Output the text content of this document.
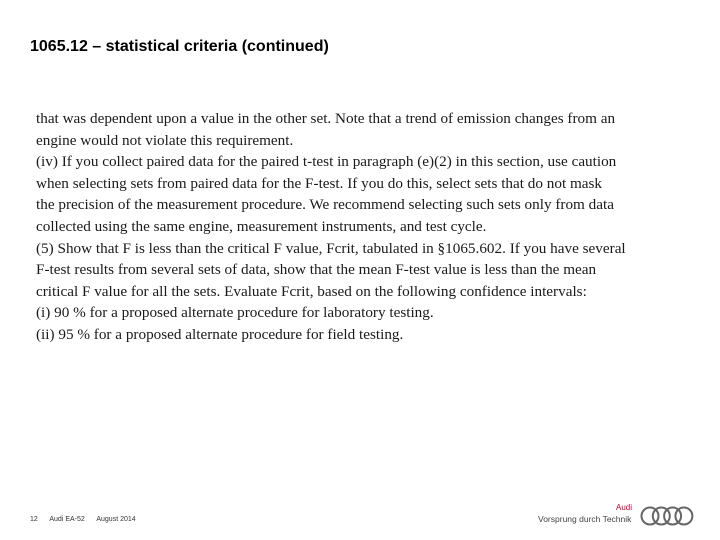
1065.12 – statistical criteria (continued)
that was dependent upon a value in the other set. Note that a trend of emission changes from an
engine would not violate this requirement.
(iv) If you collect paired data for the paired t-test in paragraph (e)(2) in this section, use caution
when selecting sets from paired data for the F-test. If you do this, select sets that do not mask
the precision of the measurement procedure. We recommend selecting such sets only from data
collected using the same engine, measurement instruments, and test cycle.
(5) Show that F is less than the critical F value, Fcrit, tabulated in §1065.602. If you have several
F-test results from several sets of data, show that the mean F-test value is less than the mean
critical F value for all the sets. Evaluate Fcrit, based on the following confidence intervals:
(i) 90 % for a proposed alternate procedure for laboratory testing.
(ii) 95 % for a proposed alternate procedure for field testing.
12 Audi EA-52 August 2014
Audi
Vorsprung durch Technik
